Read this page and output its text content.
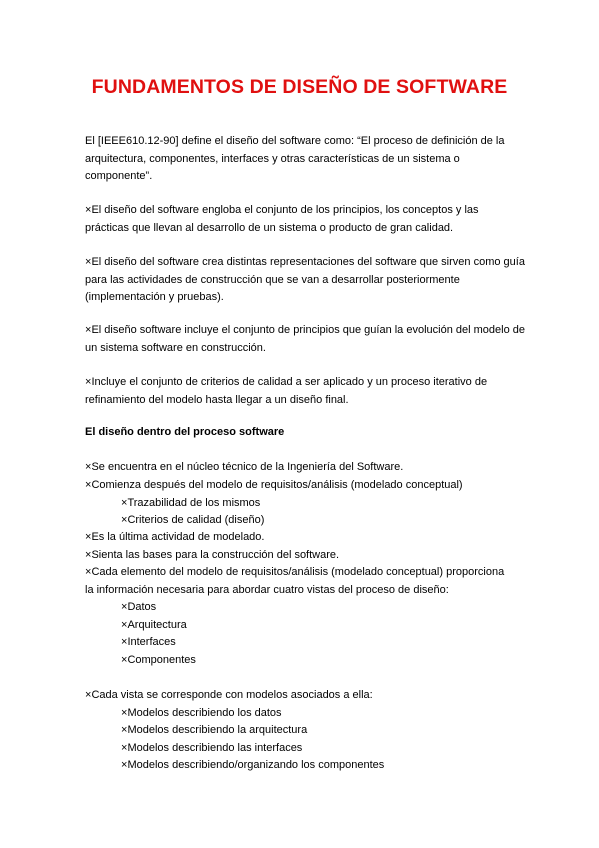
FUNDAMENTOS DE DISEÑO DE SOFTWARE

El [IEEE610.12-90] define el diseño del software como: “El proceso de definición de la arquitectura, componentes, interfaces y otras características de un sistema o componente”.

×El diseño del software engloba el conjunto de los principios, los conceptos y las prácticas que llevan al desarrollo de un sistema o producto de gran calidad.

×El diseño del software crea distintas representaciones del software que sirven como guía para las actividades de construcción que se van a desarrollar posteriormente (implementación y pruebas).

×El diseño software incluye el conjunto de principios que guían la evolución del modelo de un sistema software en construcción.

×Incluye el conjunto de criterios de calidad a ser aplicado y un proceso iterativo de refinamiento del modelo hasta llegar a un diseño final.

El diseño dentro del proceso software

×Se encuentra en el núcleo técnico de la Ingeniería del Software.

×Comienza después del modelo de requisitos/análisis (modelado conceptual)

×Trazabilidad de los mismos

×Criterios de calidad (diseño)

×Es la última actividad de modelado.

×Sienta las bases para la construcción del software.

×Cada elemento del modelo de requisitos/análisis (modelado conceptual) proporciona

la información necesaria para abordar cuatro vistas del proceso de diseño:

×Datos

×Arquitectura

×Interfaces

×Componentes

×Cada vista se corresponde con modelos asociados a ella:

×Modelos describiendo los datos

×Modelos describiendo la arquitectura

×Modelos describiendo las interfaces

×Modelos describiendo/organizando los componentes
